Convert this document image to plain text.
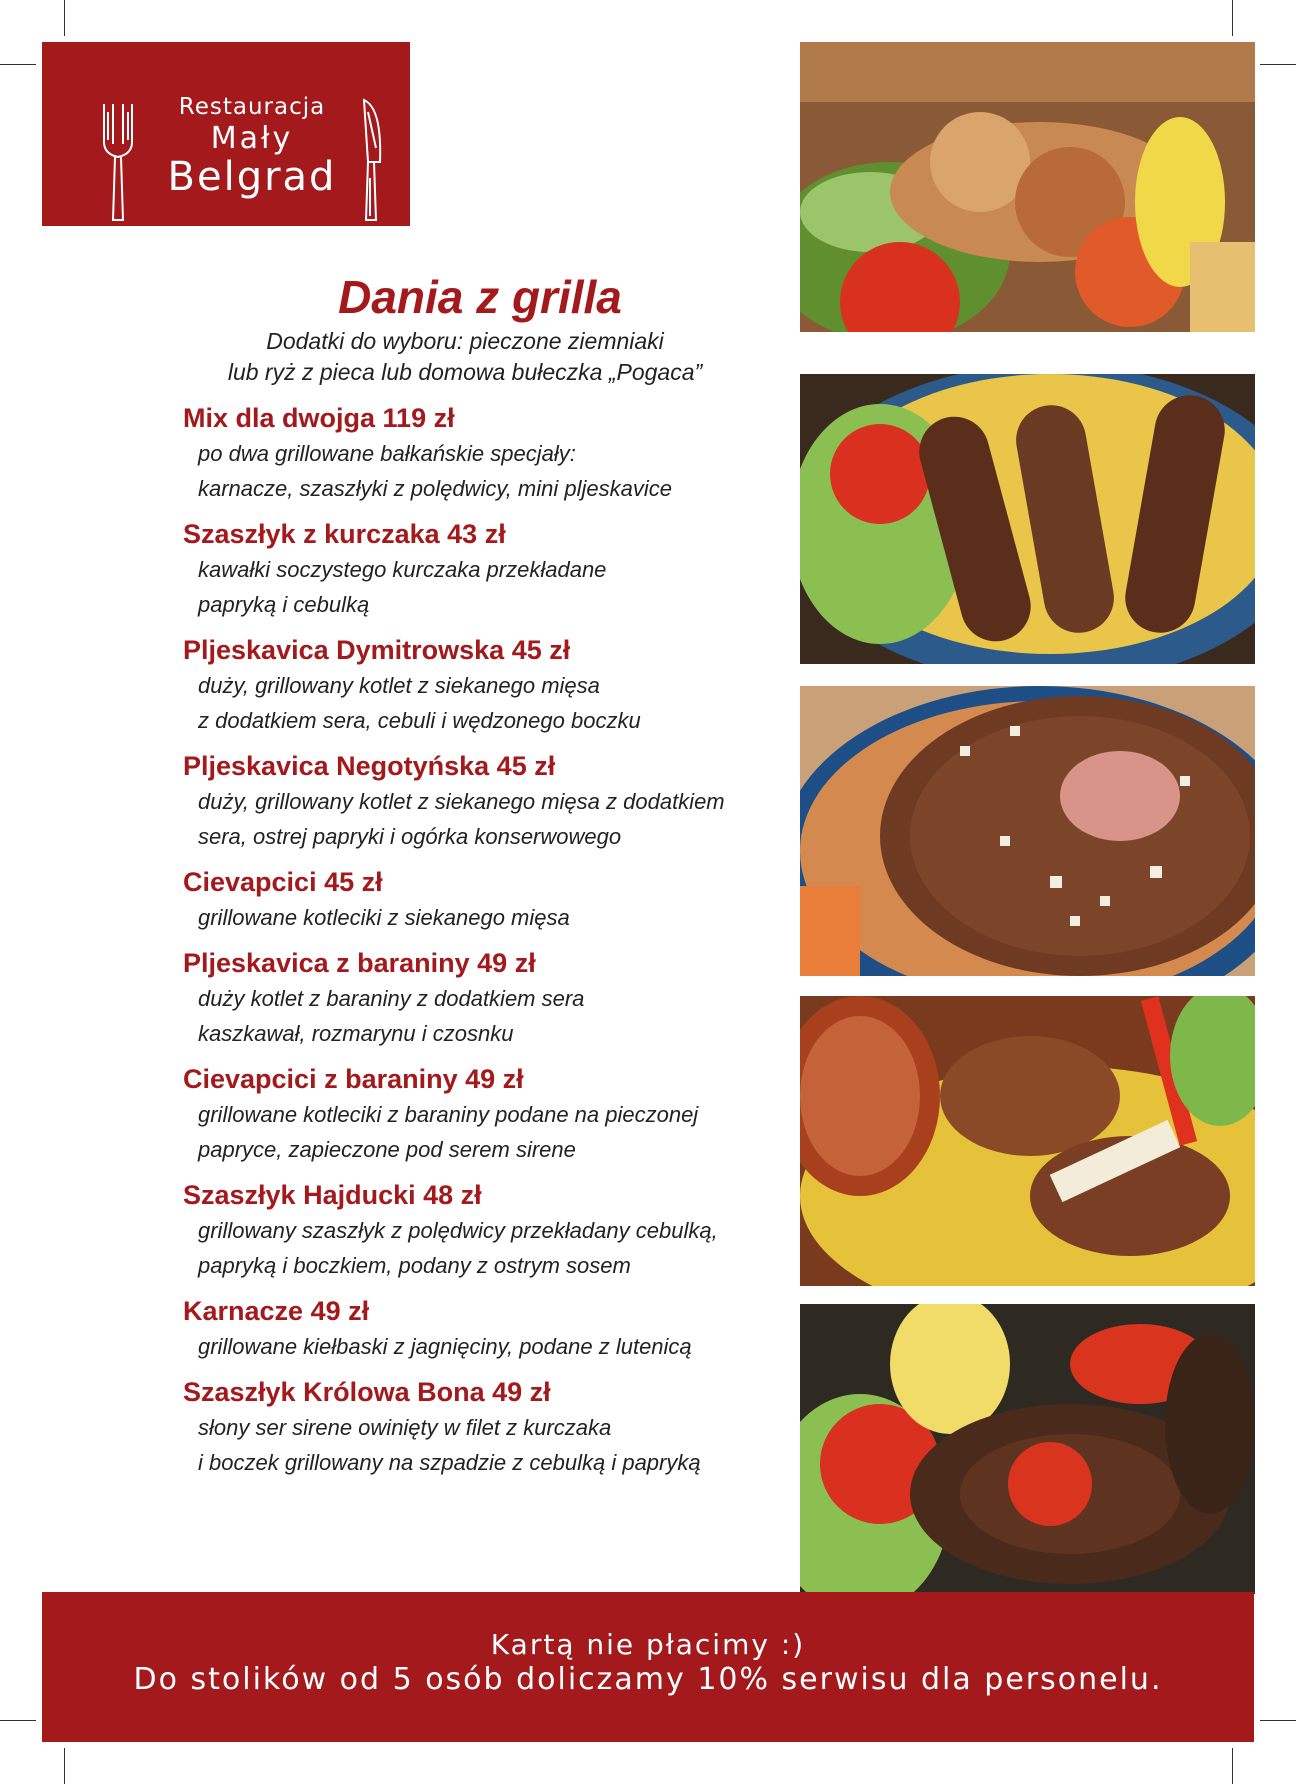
Restauracja
Mały
Belgrad
Dania z grilla
Dodatki do wyboru: pieczone ziemniaki
lub ryż z pieca lub domowa bułeczka „Pogaca”
Mix dla dwojga 119 zł
po dwa grillowane bałkańskie specjały:
karnacze, szaszłyki z polędwicy, mini pljeskavice
Szaszłyk z kurczaka 43 zł
kawałki soczystego kurczaka przekładane
papryką i cebulką
Pljeskavica Dymitrowska 45 zł
duży, grillowany kotlet z siekanego mięsa
z dodatkiem sera, cebuli i wędzonego boczku
Pljeskavica Negotyńska 45 zł
duży, grillowany kotlet z siekanego mięsa z dodatkiem
sera, ostrej papryki i ogórka konserwowego
Cievapcici 45 zł
grillowane kotleciki z siekanego mięsa
Pljeskavica z baraniny 49 zł
duży kotlet z baraniny z dodatkiem sera
kaszkawał, rozmarynu i czosnku
Cievapcici z baraniny 49 zł
grillowane kotleciki z baraniny podane na pieczonej
papryce, zapieczone pod serem sirene
Szaszłyk Hajducki 48 zł
grillowany szaszłyk z polędwicy przekładany cebulką,
papryką i boczkiem, podany z ostrym sosem
Karnacze 49 zł
grillowane kiełbaski z jagnięciny, podane z lutenicą
Szaszłyk Królowa Bona 49 zł
słony ser sirene owinięty w filet z kurczaka
i boczek grillowany na szpadzie z cebulką i papryką
Kartą nie płacimy :)
Do stolików od 5 osób doliczamy 10% serwisu dla personelu.
